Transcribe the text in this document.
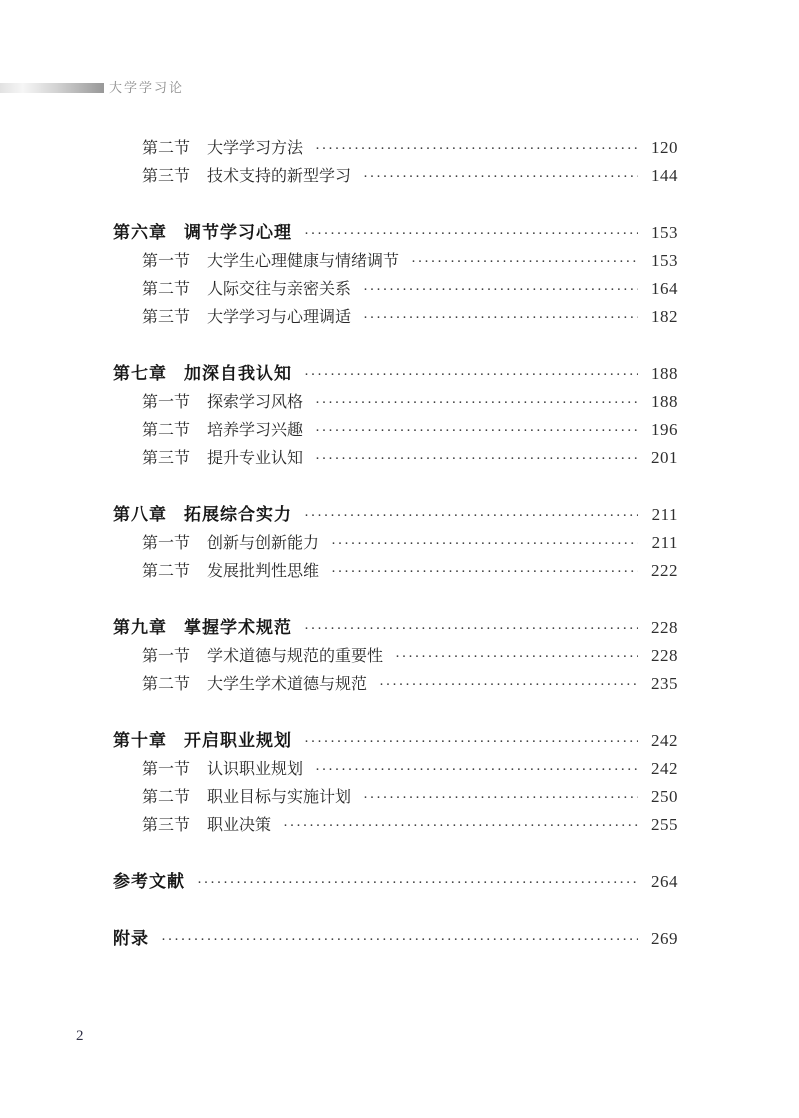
大学学习论
第二节 大学学习方法 ·····	120
第三节 技术支持的新型学习 ·····	144
第六章 调节学习心理 ·····	153
第一节 大学生心理健康与情绪调节 ·····	153
第二节 人际交往与亲密关系 ·····	164
第三节 大学学习与心理调适 ·····	182
第七章 加深自我认知 ·····	188
第一节 探索学习风格 ·····	188
第二节 培养学习兴趣 ·····	196
第三节 提升专业认知 ·····	201
第八章 拓展综合实力 ·····	211
第一节 创新与创新能力 ·····	211
第二节 发展批判性思维 ·····	222
第九章 掌握学术规范 ·····	228
第一节 学术道德与规范的重要性 ·····	228
第二节 大学生学术道德与规范 ·····	235
第十章 开启职业规划 ·····	242
第一节 认识职业规划 ·····	242
第二节 职业目标与实施计划 ·····	250
第三节 职业决策 ·····	255
参考文献 ·····	264
附录 ·····	269
2
